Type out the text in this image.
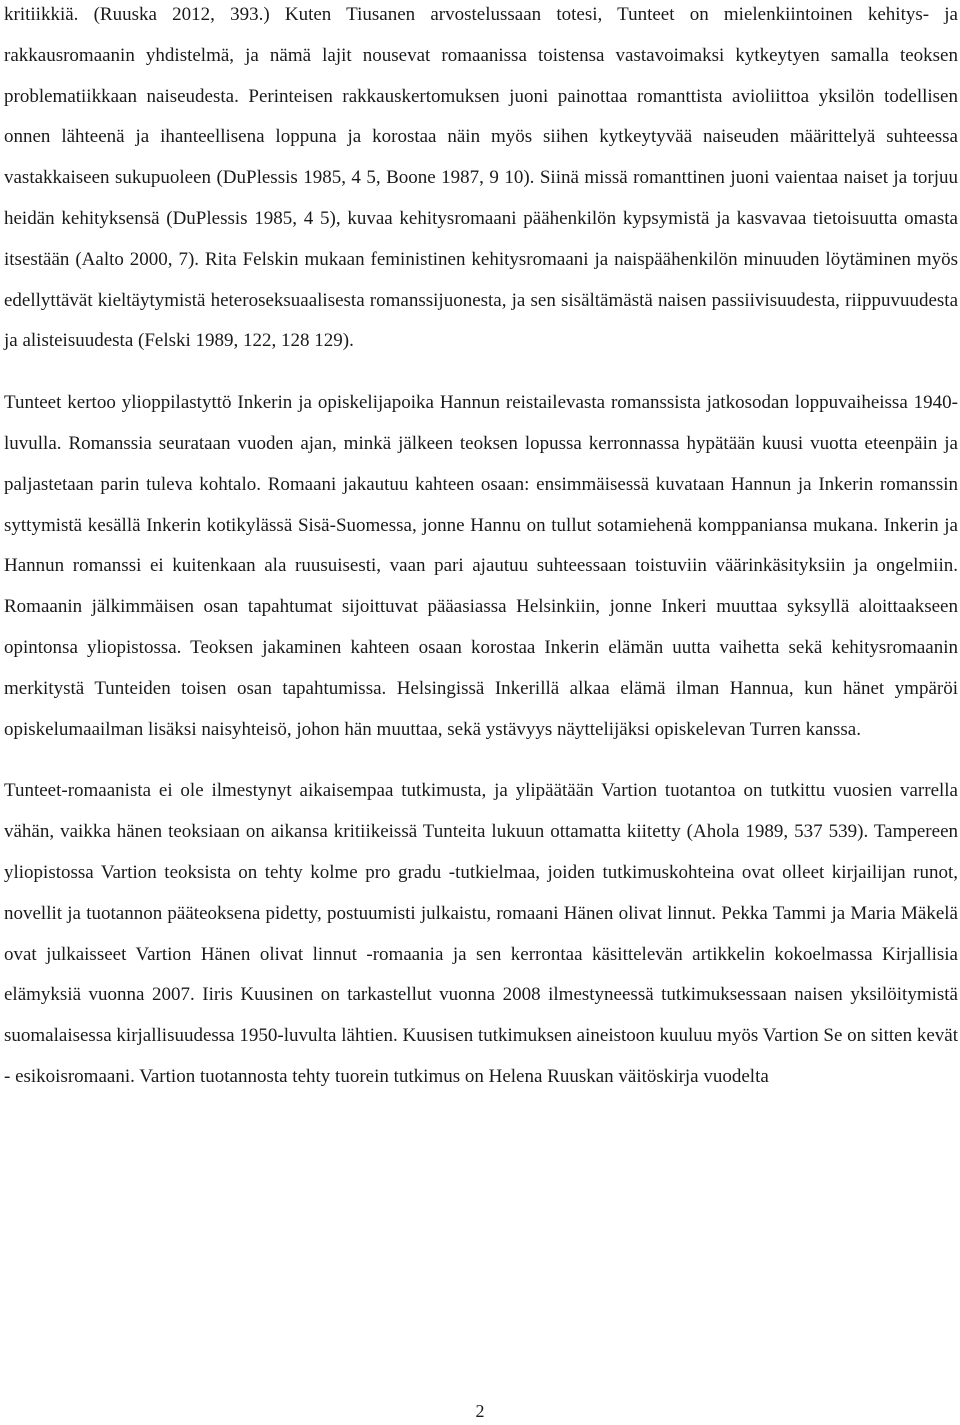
kritiikkiä. (Ruuska 2012, 393.) Kuten Tiusanen arvostelussaan totesi, Tunteet on mielenkiintoinen kehitys- ja rakkausromaanin yhdistelmä, ja nämä lajit nousevat romaanissa toistensa vastavoimaksi kytkeytyen samalla teoksen problematiikkaan naiseudesta. Perinteisen rakkauskertomuksen juoni painottaa romanttista avioliittoa yksilön todellisen onnen lähteenä ja ihanteellisena loppuna ja korostaa näin myös siihen kytkeytyvää naiseuden määrittelyä suhteessa vastakkaiseen sukupuoleen (DuPlessis 1985, 4 5, Boone 1987, 9 10). Siinä missä romanttinen juoni vaientaa naiset ja torjuu heidän kehityksensä (DuPlessis 1985, 4 5), kuvaa kehitysromaani päähenkilön kypsymistä ja kasvavaa tietoisuutta omasta itsestään (Aalto 2000, 7). Rita Felskin mukaan feministinen kehitysromaani ja naispäähenkilön minuuden löytäminen myös edellyttävät kieltäytymistä heteroseksuaalisesta romanssijuonesta, ja sen sisältämästä naisen passiivisuudesta, riippuvuudesta ja alisteisuudesta (Felski 1989, 122, 128 129).

Tunteet kertoo ylioppilastyttö Inkerin ja opiskelijapoika Hannun reistailevasta romanssista jatkosodan loppuvaiheissa 1940-luvulla. Romanssia seurataan vuoden ajan, minkä jälkeen teoksen lopussa kerronnassa hypätään kuusi vuotta eteenpäin ja paljastetaan parin tuleva kohtalo. Romaani jakautuu kahteen osaan: ensimmäisessä kuvataan Hannun ja Inkerin romanssin syttymistä kesällä Inkerin kotikylässä Sisä-Suomessa, jonne Hannu on tullut sotamiehenä komppaniansa mukana. Inkerin ja Hannun romanssi ei kuitenkaan ala ruusuisesti, vaan pari ajautuu suhteessaan toistuviin väärinkäsityksiin ja ongelmiin. Romaanin jälkimmäisen osan tapahtumat sijoittuvat pääasiassa Helsinkiin, jonne Inkeri muuttaa syksyllä aloittaakseen opintonsa yliopistossa. Teoksen jakaminen kahteen osaan korostaa Inkerin elämän uutta vaihetta sekä kehitysromaanin merkitystä Tunteiden toisen osan tapahtumissa. Helsingissä Inkerillä alkaa elämä ilman Hannua, kun hänet ympäröi opiskelumaailman lisäksi naisyhteisö, johon hän muuttaa, sekä ystävyys näyttelijäksi opiskelevan Turren kanssa.

Tunteet-romaanista ei ole ilmestynyt aikaisempaa tutkimusta, ja ylipäätään Vartion tuotantoa on tutkittu vuosien varrella vähän, vaikka hänen teoksiaan on aikansa kritiikeissä Tunteita lukuun ottamatta kiitetty (Ahola 1989, 537 539). Tampereen yliopistossa Vartion teoksista on tehty kolme pro gradu -tutkielmaa, joiden tutkimuskohteina ovat olleet kirjailijan runot, novellit ja tuotannon pääteoksena pidetty, postuumisti julkaistu, romaani Hänen olivat linnut. Pekka Tammi ja Maria Mäkelä ovat julkaisseet Vartion Hänen olivat linnut -romaania ja sen kerrontaa käsittelevän artikkelin kokoelmassa Kirjallisia elämyksiä vuonna 2007. Iiris Kuusinen on tarkastellut vuonna 2008 ilmestyneessä tutkimuksessaan naisen yksilöitymistä suomalaisessa kirjallisuudessa 1950-luvulta lähtien. Kuusisen tutkimuksen aineistoon kuuluu myös Vartion Se on sitten kevät - esikoisromaani. Vartion tuotannosta tehty tuorein tutkimus on Helena Ruuskan väitöskirja vuodelta

2
